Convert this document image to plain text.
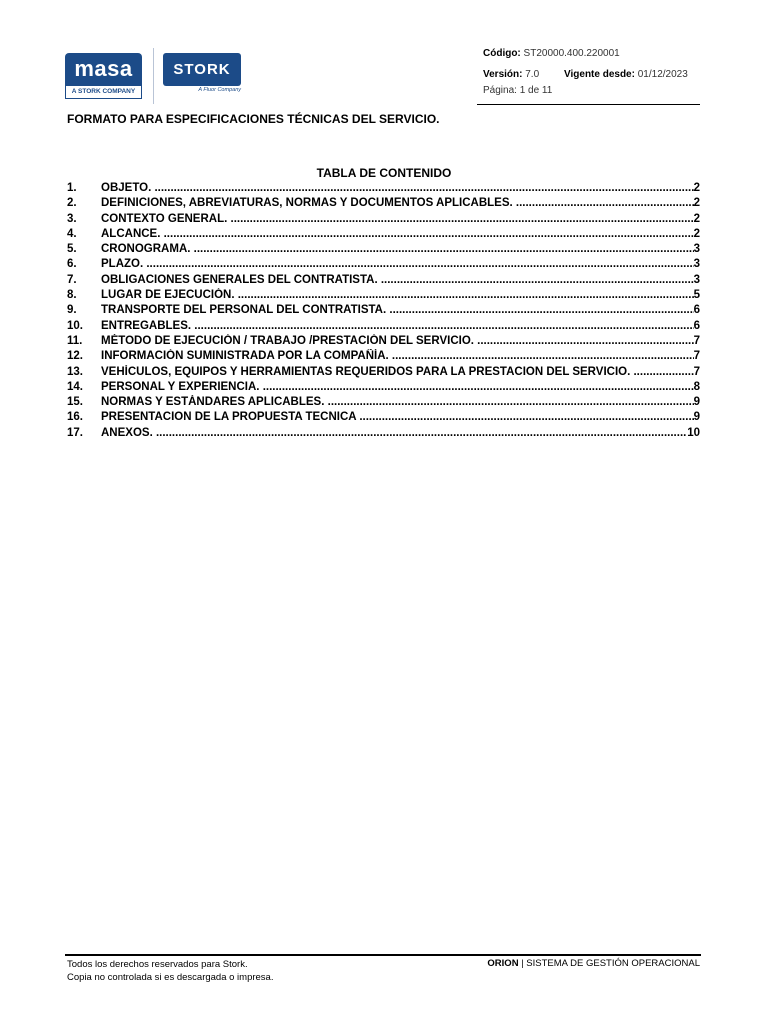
masa
A STORK COMPANY
STORK
A Fluor Company
Código: ST20000.400.220001
Versión: 7.0 Vigente desde: 01/12/2023
Página: 1 de 11
FORMATO PARA ESPECIFICACIONES TÉCNICAS DEL SERVICIO.
TABLA DE CONTENIDO
1.	OBJETO. .....	2
2.	DEFINICIONES, ABREVIATURAS, NORMAS Y DOCUMENTOS APLICABLES. .....	2
3.	CONTEXTO GENERAL. .....	2
4.	ALCANCE. .....	2
5.	CRONOGRAMA. .....	3
6.	PLAZO. .....	3
7.	OBLIGACIONES GENERALES DEL CONTRATISTA. .....	3
8.	LUGAR DE EJECUCIÓN. .....	5
9.	TRANSPORTE DEL PERSONAL DEL CONTRATISTA. .....	6
10.	ENTREGABLES. .....	6
11.	MÉTODO DE EJECUCIÓN / TRABAJO /PRESTACIÓN DEL SERVICIO. .....	7
12.	INFORMACIÓN SUMINISTRADA POR LA COMPAÑÍA. .....	7
13.	VEHÍCULOS, EQUIPOS Y HERRAMIENTAS REQUERIDOS PARA LA PRESTACION DEL SERVICIO. .....	7
14.	PERSONAL Y EXPERIENCIA. .....	8
15.	NORMAS Y ESTÁNDARES APLICABLES. .....	9
16.	PRESENTACION DE LA PROPUESTA TECNICA .....	9
17.	ANEXOS. .....	10
Todos los derechos reservados para Stork.
Copia no controlada si es descargada o impresa.
ORION | SISTEMA DE GESTIÓN OPERACIONAL
